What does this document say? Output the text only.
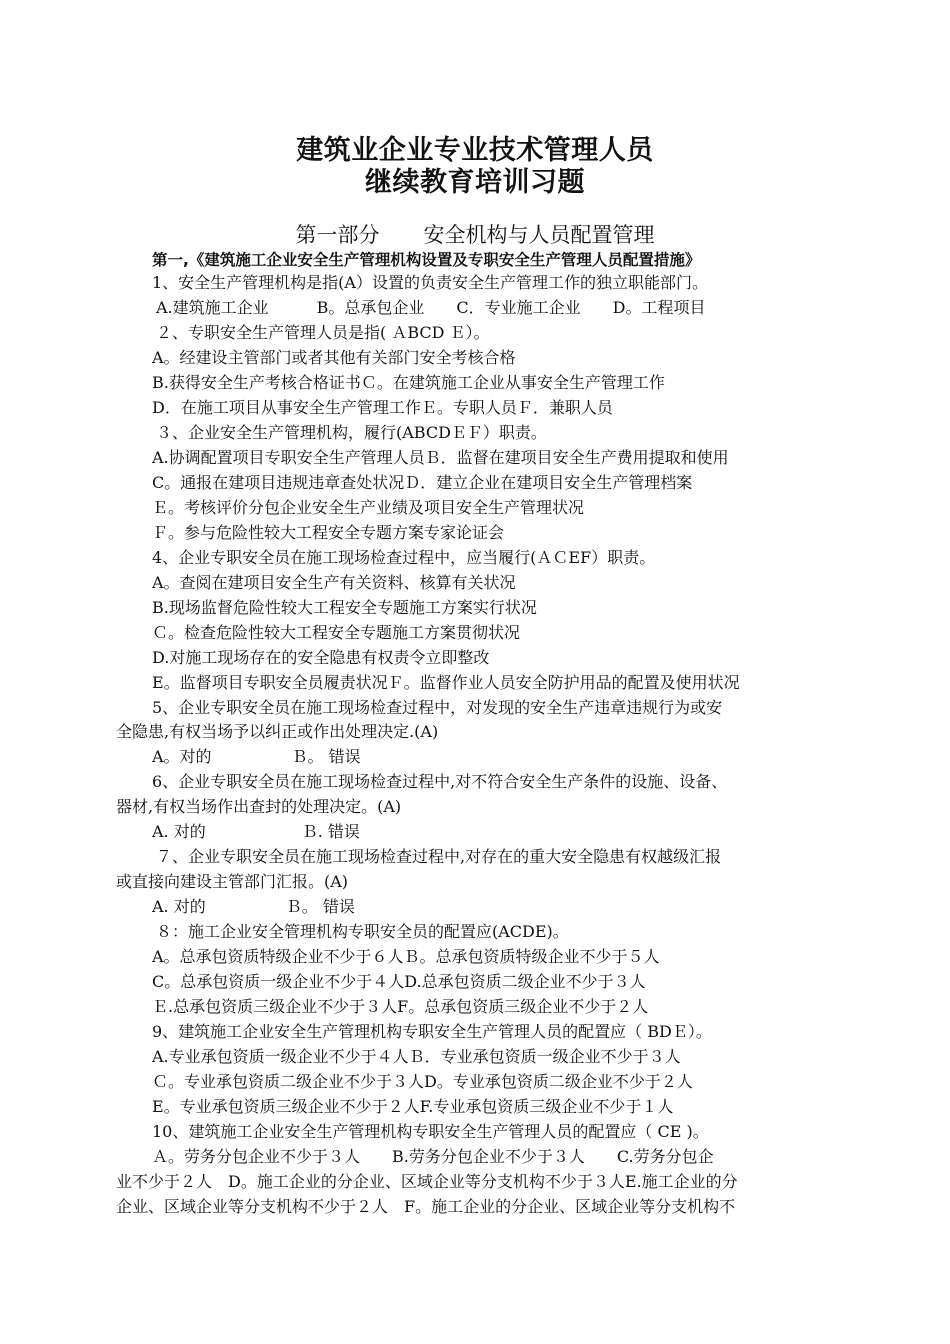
建筑业企业专业技术管理人员
继续教育培训习题
第一部分 安全机构与人员配置管理
第一,《建筑施工企业安全生产管理机构设置及专职安全生产管理人员配置措施》
1、安全生产管理机构是指(A）设置的负责安全生产管理工作的独立职能部门。
A.建筑施工企业　　　B。总承包企业　　C．专业施工企业　　D。工程项目
２、专职安全生产管理人员是指( ＡBCD Ｅ）。
A。经建设主管部门或者其他有关部门安全考核合格
B.获得安全生产考核合格证书Ｃ。在建筑施工企业从事安全生产管理工作
D．在施工项目从事安全生产管理工作Ｅ。专职人员Ｆ．兼职人员
３、企业安全生产管理机构，履行(ABCDＥＦ）职责。
A.协调配置项目专职安全生产管理人员Ｂ．监督在建项目安全生产费用提取和使用
C。通报在建项目违规违章查处状况Ｄ．建立企业在建项目安全生产管理档案
Ｅ。考核评价分包企业安全生产业绩及项目安全生产管理状况
Ｆ。参与危险性较大工程安全专题方案专家论证会
4、企业专职安全员在施工现场检查过程中，应当履行(ＡＣEF）职责。
A。查阅在建项目安全生产有关资料、核算有关状况
B.现场监督危险性较大工程安全专题施工方案实行状况
Ｃ。检查危险性较大工程安全专题施工方案贯彻状况
D.对施工现场存在的安全隐患有权责令立即整改
E。监督项目专职安全员履责状况Ｆ。监督作业人员安全防护用品的配置及使用状况
5、企业专职安全员在施工现场检查过程中，对发现的安全生产违章违规行为或安
全隐患,有权当场予以纠正或作出处理决定.(A)
A。对的　　　　　Ｂ。 错误
6、企业专职安全员在施工现场检查过程中,对不符合安全生产条件的设施、设备、
器材,有权当场作出查封的处理决定。(A)
A. 对的　　　　　　Ｂ. 错误
７、企业专职安全员在施工现场检查过程中,对存在的重大安全隐患有权越级汇报
或直接向建设主管部门汇报。(A)
A. 对的　　　　　Ｂ。 错误
８：施工企业安全管理机构专职安全员的配置应(ACDE)。
A。总承包资质特级企业不少于６人Ｂ。总承包资质特级企业不少于５人
C。总承包资质一级企业不少于４人D.总承包资质二级企业不少于３人
Ｅ.总承包资质三级企业不少于３人F。总承包资质三级企业不少于２人
9、建筑施工企业安全生产管理机构专职安全生产管理人员的配置应（ BDＥ）。
A.专业承包资质一级企业不少于４人Ｂ．专业承包资质一级企业不少于３人
Ｃ。专业承包资质二级企业不少于３人D。专业承包资质二级企业不少于２人
E。专业承包资质三级企业不少于２人F.专业承包资质三级企业不少于１人
10、建筑施工企业安全生产管理机构专职安全生产管理人员的配置应（ CE )。
Ａ。劳务分包企业不少于３人　　B.劳务分包企业不少于３人　　C.劳务分包企
业不少于２人　D。施工企业的分企业、区域企业等分支机构不少于３人E.施工企业的分
企业、区域企业等分支机构不少于２人　F。施工企业的分企业、区域企业等分支机构不
